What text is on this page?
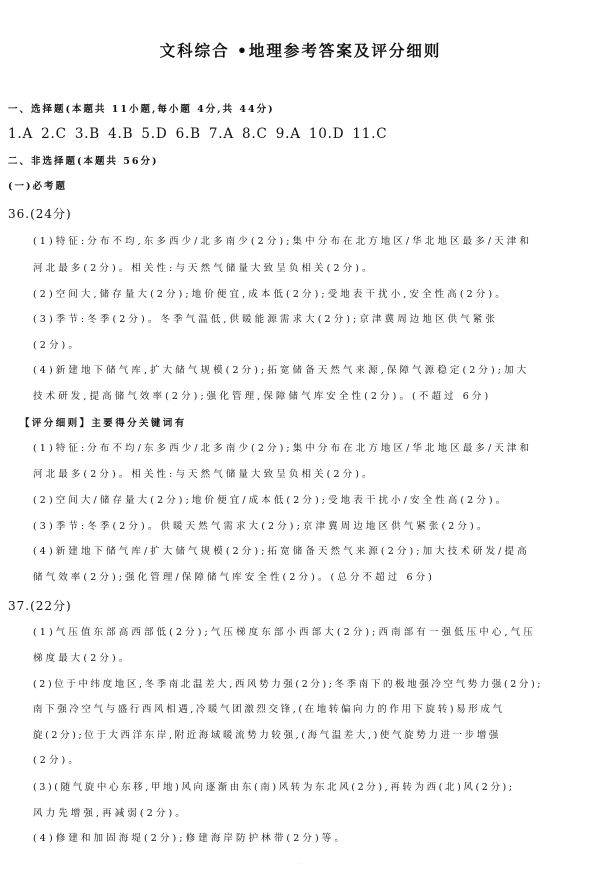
文科综合 •地理参考答案及评分细则
一、选择题(本题共 11小题,每小题 4分,共 44分)
1.A 2.C 3.B 4.B 5.D 6.B 7.A 8.C 9.A 10.D 11.C
二、非选择题(本题共 56分)
(一)必考题
36.(24分)
(1)特征:分布不均,东多西少/北多南少(2分);集中分布在北方地区/华北地区最多/天津和
河北最多(2分)。相关性:与天然气储量大致呈负相关(2分)。
(2)空间大,储存量大(2分);地价便宜,成本低(2分);受地表干扰小,安全性高(2分)。
(3)季节:冬季(2分)。冬季气温低,供暖能源需求大(2分);京津冀周边地区供气紧张
(2分)。
(4)新建地下储气库,扩大储气规模(2分);拓宽储备天然气来源,保障气源稳定(2分);加大
技术研发,提高储气效率(2分);强化管理,保障储气库安全性(2分)。(不超过 6分)
【评分细则】主要得分关键词有
(1)特征:分布不均/东多西少/北多南少(2分);集中分布在北方地区/华北地区最多/天津和
河北最多(2分)。相关性:与天然气储量大致呈负相关(2分)。
(2)空间大/储存量大(2分);地价便宜/成本低(2分);受地表干扰小/安全性高(2分)。
(3)季节:冬季(2分)。供暖天然气需求大(2分);京津冀周边地区供气紧张(2分)。
(4)新建地下储气库/扩大储气规模(2分);拓宽储备天然气来源(2分);加大技术研发/提高
储气效率(2分);强化管理/保障储气库安全性(2分)。(总分不超过 6分)
37.(22分)
(1)气压值东部高西部低(2分);气压梯度东部小西部大(2分);西南部有一强低压中心,气压
梯度最大(2分)。
(2)位于中纬度地区,冬季南北温差大,西风势力强(2分);冬季南下的极地强冷空气势力强(2分);
南下强冷空气与盛行西风相遇,冷暖气团激烈交锋,(在地转偏向力的作用下旋转)易形成气
旋(2分);位于大西洋东岸,附近海域暖流势力较强,(海气温差大,)使气旋势力进一步增强
(2分)。
(3)(随气旋中心东移,甲地)风向逐渐由东(南)风转为东北风(2分),再转为西(北)风(2分);
风力先增强,再减弱(2分)。
(4)修建和加固海堤(2分);修建海岸防护林带(2分)等。
